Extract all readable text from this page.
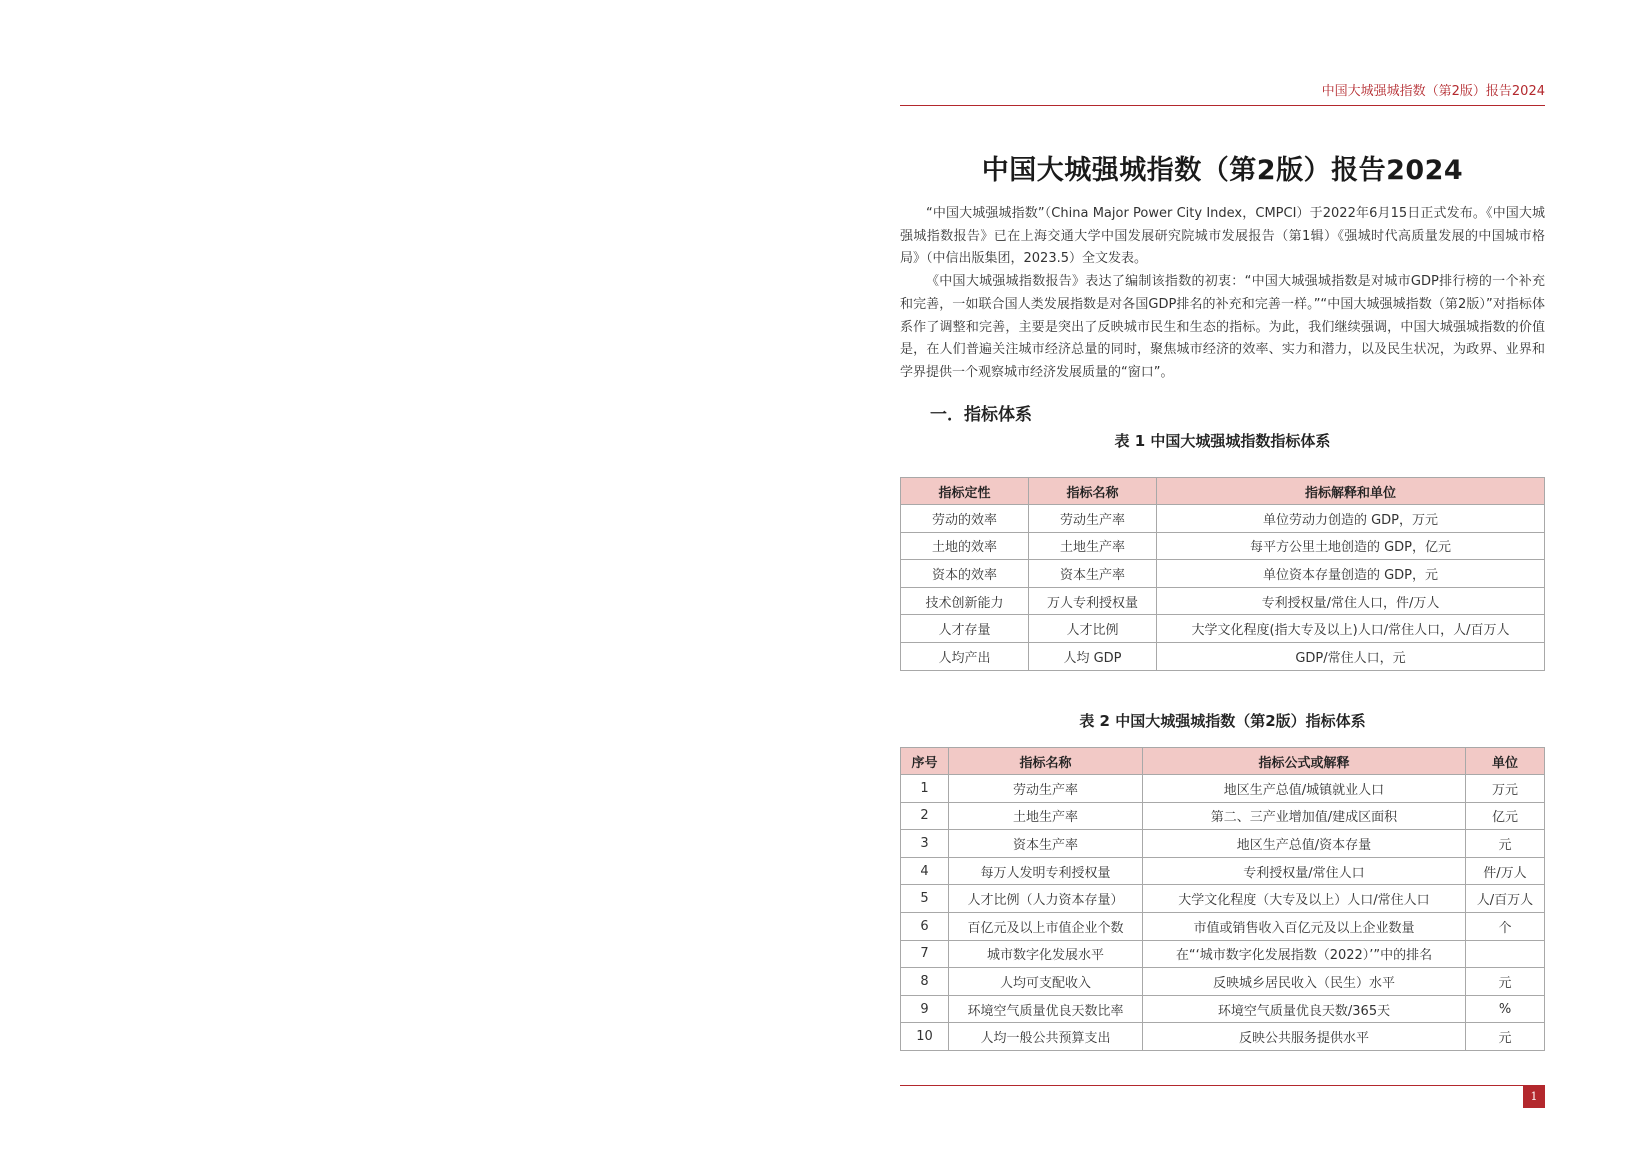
中国大城强城指数（第2版）报告2024
中国大城强城指数（第2版）报告2024

“中国大城强城指数”（China Major Power City Index，CMPCI）于2022年6月15日正式发布。《中国大城强城指数报告》已在上海交通大学中国发展研究院城市发展报告（第1辑）《强城时代高质量发展的中国城市格局》（中信出版集团，2023.5）全文发表。

《中国大城强城指数报告》表达了编制该指数的初衷：“中国大城强城指数是对城市GDP排行榜的一个补充和完善，一如联合国人类发展指数是对各国GDP排名的补充和完善一样。”“中国大城强城指数（第2版）”对指标体系作了调整和完善，主要是突出了反映城市民生和生态的指标。为此，我们继续强调，中国大城强城指数的价值是，在人们普遍关注城市经济总量的同时，聚焦城市经济的效率、实力和潜力，以及民生状况，为政界、业界和学界提供一个观察城市经济发展质量的“窗口”。

一．指标体系
表 1 中国大城强城指数指标体系
指标定性	指标名称	指标解释和单位
劳动的效率	劳动生产率	单位劳动力创造的 GDP，万元
土地的效率	土地生产率	每平方公里土地创造的 GDP，亿元
资本的效率	资本生产率	单位资本存量创造的 GDP，元
技术创新能力	万人专利授权量	专利授权量/常住人口，件/万人
人才存量	人才比例	大学文化程度(指大专及以上)人口/常住人口，人/百万人
人均产出	人均 GDP	GDP/常住人口，元
表 2 中国大城强城指数（第2版）指标体系
序号	指标名称	指标公式或解释	单位
1	劳动生产率	地区生产总值/城镇就业人口	万元
2	土地生产率	第二、三产业增加值/建成区面积	亿元
3	资本生产率	地区生产总值/资本存量	元
4	每万人发明专利授权量	专利授权量/常住人口	件/万人
5	人才比例（人力资本存量）	大学文化程度（大专及以上）人口/常住人口	人/百万人
6	百亿元及以上市值企业个数	市值或销售收入百亿元及以上企业数量	个
7	城市数字化发展水平	在“‘城市数字化发展指数（2022）’”中的排名	
8	人均可支配收入	反映城乡居民收入（民生）水平	元
9	环境空气质量优良天数比率	环境空气质量优良天数/365天	%
10	人均一般公共预算支出	反映公共服务提供水平	元
1
